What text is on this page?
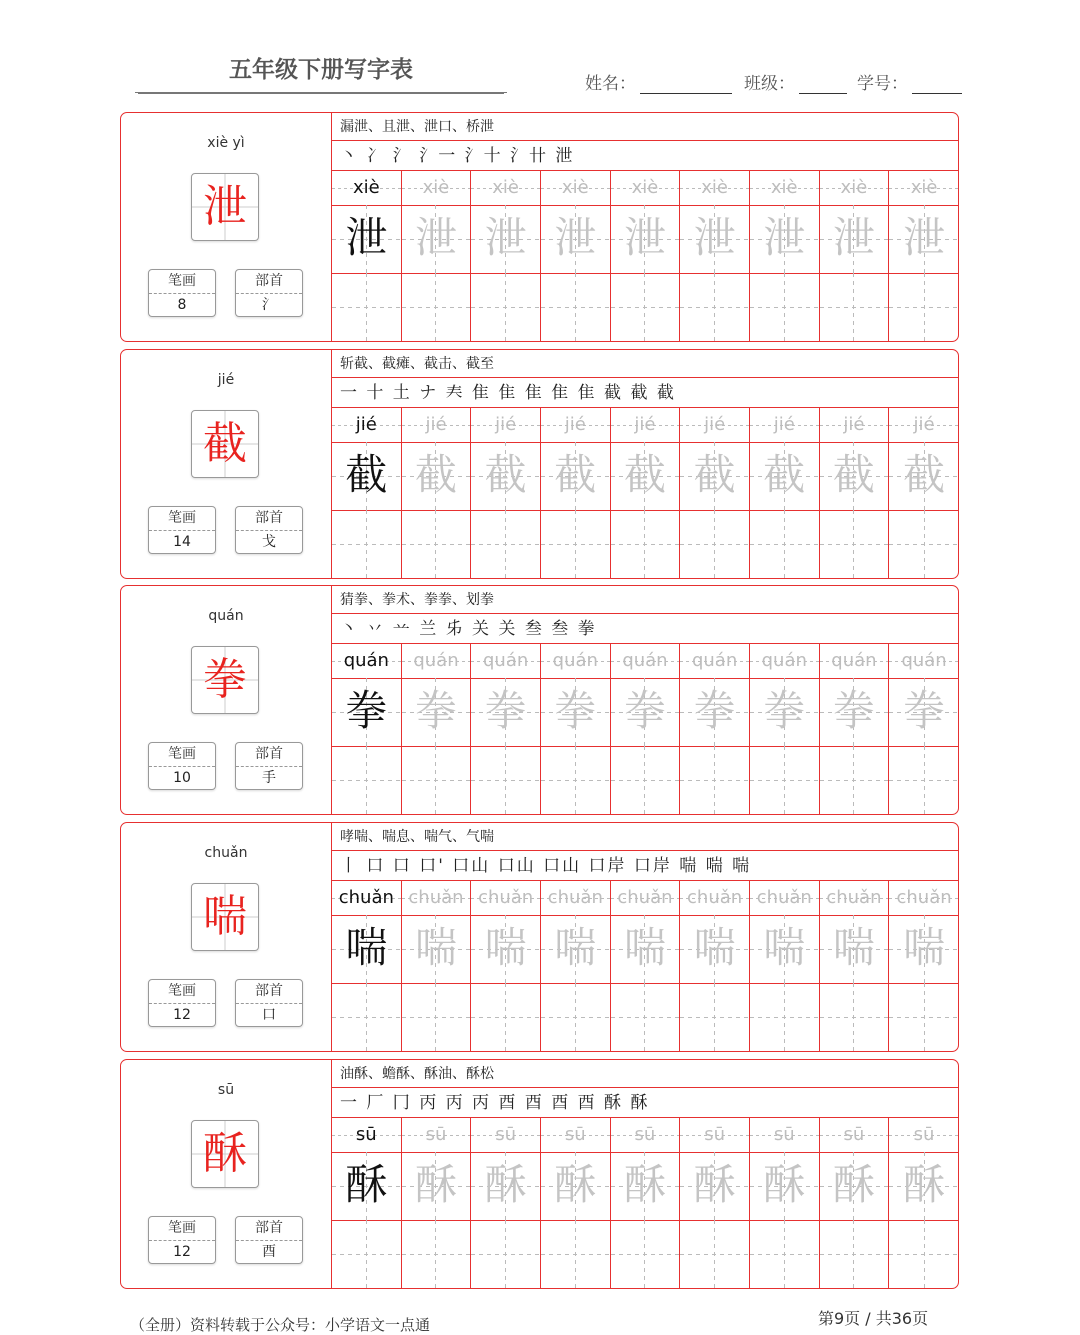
五年级下册写字表
姓名：	班级：	学号：
xiè yì
泄
笔画
8
部首
氵
漏泄、且泄、泄口、桥泄
丶 冫 氵 氵一 氵十 氵卄 泄
xiè	xiè	xiè	xiè	xiè	xiè	xiè	xiè	xiè
泄 泄 泄 泄 泄 泄 泄 泄 泄
jié
截
笔画
14
部首
戈
斩截、截瘫、截击、截至
一 十 土 ナ 𡗗 隹 隹 隹 隹 隹 截 截 截
jié	jié	jié	jié	jié	jié	jié	jié	jié
截 截 截 截 截 截 截 截 截
quán
拳
笔画
10
部首
手
猜拳、拳术、拳拳、划拳
丶 丷 䒑 兰 𠂔 关 关 叁 叁 拳
quán	quán	quán	quán	quán	quán	quán	quán	quán
拳 拳 拳 拳 拳 拳 拳 拳 拳
chuǎn
喘
笔画
12
部首
口
哮喘、喘息、喘气、气喘
丨 口 口 口' 口山 口山 口山 口岸 口岸 喘 喘 喘
chuǎn chuǎn chuǎn chuǎn chuǎn chuǎn chuǎn chuǎn chuǎn
喘 喘 喘 喘 喘 喘 喘 喘 喘
sū
酥
笔画
12
部首
酉
油酥、蟾酥、酥油、酥松
一 厂 冂 丙 丙 丙 酉 酉 酉 酉 酥 酥
sū	sū	sū	sū	sū	sū	sū	sū	sū
酥 酥 酥 酥 酥 酥 酥 酥 酥
（全册）资料转载于公众号：小学语文一点通	第9页 / 共36页
